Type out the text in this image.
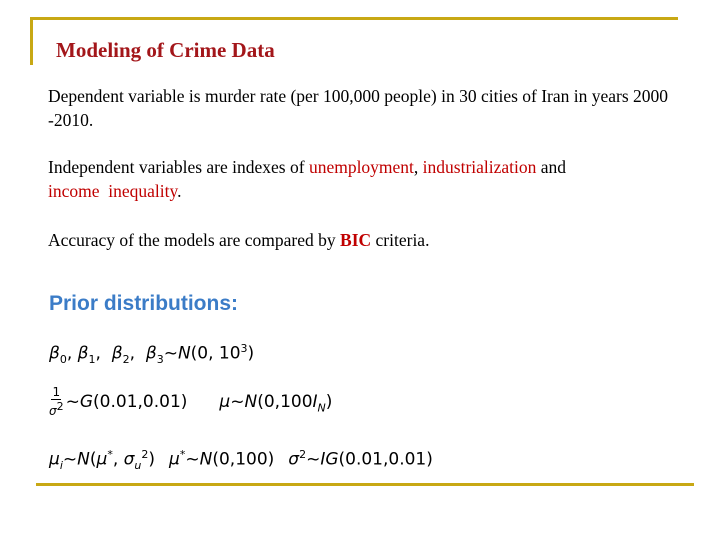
Modeling of Crime Data
Dependent variable is murder rate (per 100,000 people) in 30 cities of Iran in years 2000 -2010.
Independent variables are indexes of unemployment, industrialization and income  inequality.
Accuracy of the models are compared by BIC criteria.
Prior distributions:
$\beta_0$, $\beta_1$,  $\beta_2$,  $\beta_3\sim N(0$, $10^3$)
$\frac{1}{\sigma^2}$ ~G(0.01,0.01) $\mu\sim N(0,100I_N)$
$\mu_i\sim N(\mu^*$, $\sigma_u^2$) μ*~N(0,100) $\sigma^2\sim IG(0.01,0.01)$
